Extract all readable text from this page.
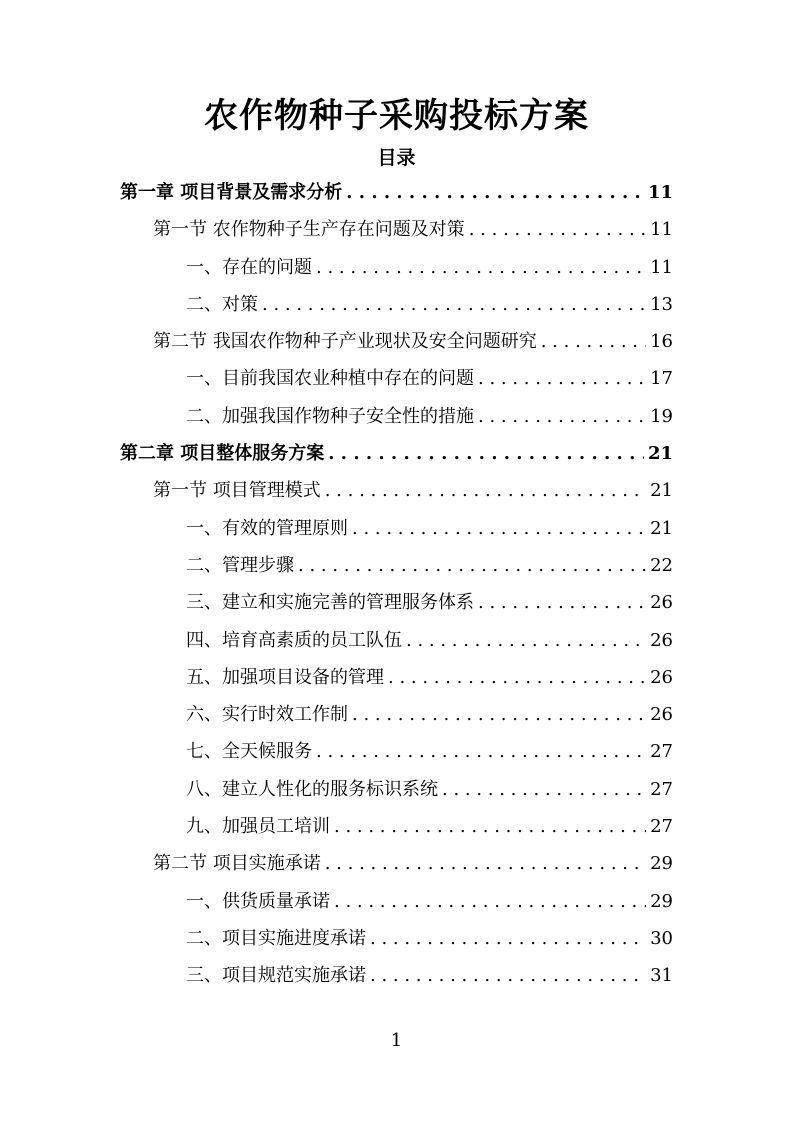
农作物种子采购投标方案
目录
第一章 项目背景及需求分析 . . .	11
第一节 农作物种子生产存在问题及对策 . . .	11
一、存在的问题 . . .	11
二、对策 . . .	13
第二节 我国农作物种子产业现状及安全问题研究 . . .	16
一、目前我国农业种植中存在的问题 . . .	17
二、加强我国作物种子安全性的措施 . . .	19
第二章 项目整体服务方案 . . .	21
第一节 项目管理模式 . . .	21
一、有效的管理原则 . . .	21
二、管理步骤 . . .	22
三、建立和实施完善的管理服务体系 . . .	26
四、培育高素质的员工队伍 . . .	26
五、加强项目设备的管理 . . .	26
六、实行时效工作制 . . .	26
七、全天候服务 . . .	27
八、建立人性化的服务标识系统 . . .	27
九、加强员工培训 . . .	27
第二节 项目实施承诺 . . .	29
一、供货质量承诺 . . .	29
二、项目实施进度承诺 . . .	30
三、项目规范实施承诺 . . .	31
1
